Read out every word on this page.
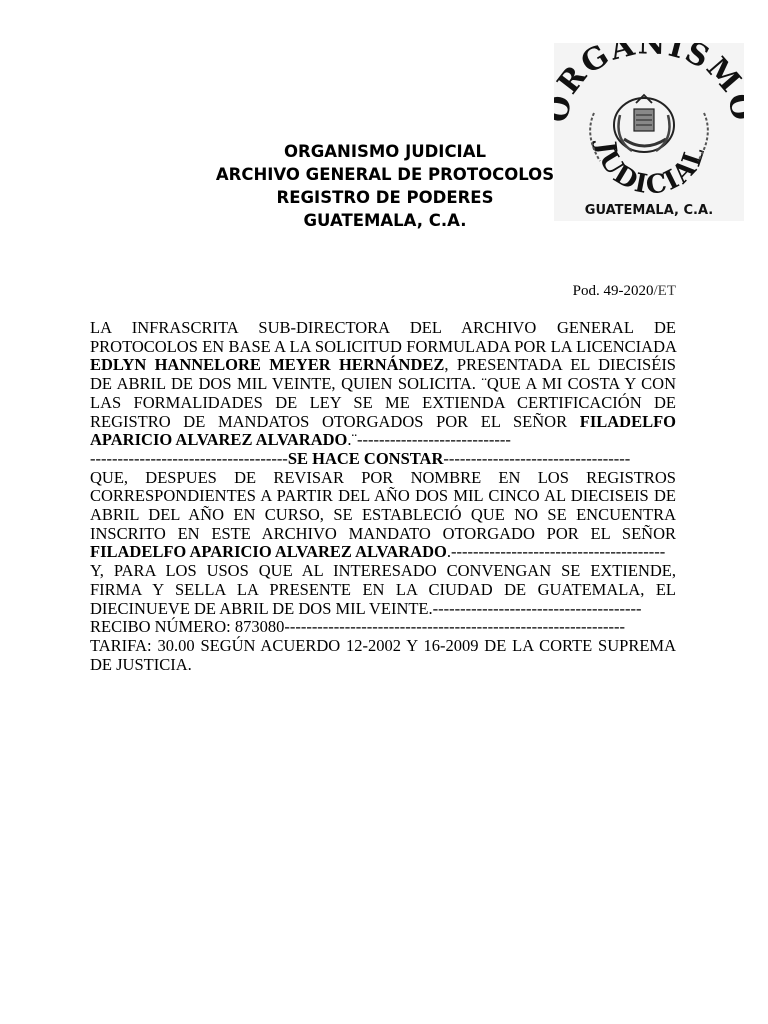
RGANISM
JUDICIAL
GUATEMALA, C.A.
ORGANISMO JUDICIAL
ARCHIVO GENERAL DE PROTOCOLOS
REGISTRO DE PODERES
GUATEMALA, C.A.
Pod. 49-2020/ET

LA INFRASCRITA SUB-DIRECTORA DEL ARCHIVO GENERAL DE PROTOCOLOS EN BASE A LA SOLICITUD FORMULADA POR LA LICENCIADA EDLYN HANNELORE MEYER HERNÁNDEZ, PRESENTADA EL DIECISÉIS DE ABRIL DE DOS MIL VEINTE, QUIEN SOLICITA. ¨QUE A MI COSTA Y CON LAS FORMALIDADES DE LEY SE ME EXTIENDA CERTIFICACIÓN DE REGISTRO DE MANDATOS OTORGADOS POR EL SEÑOR FILADELFO APARICIO ALVAREZ ALVARADO.¨----------------------------

------------------------------------SE HACE CONSTAR----------------------------------

QUE, DESPUES DE REVISAR POR NOMBRE EN LOS REGISTROS CORRESPONDIENTES A PARTIR DEL AÑO DOS MIL CINCO AL DIECISEIS DE ABRIL DEL AÑO EN CURSO, SE ESTABLECIÓ QUE NO SE ENCUENTRA INSCRITO EN ESTE ARCHIVO MANDATO OTORGADO POR EL SEÑOR FILADELFO APARICIO ALVAREZ ALVARADO.---------------------------------------

Y, PARA LOS USOS QUE AL INTERESADO CONVENGAN SE EXTIENDE, FIRMA Y SELLA LA PRESENTE EN LA CIUDAD DE GUATEMALA, EL DIECINUEVE DE ABRIL DE DOS MIL VEINTE.--------------------------------------

RECIBO NÚMERO: 873080--------------------------------------------------------------

TARIFA: 30.00 SEGÚN ACUERDO 12-2002 Y 16-2009 DE LA CORTE SUPREMA DE JUSTICIA.
